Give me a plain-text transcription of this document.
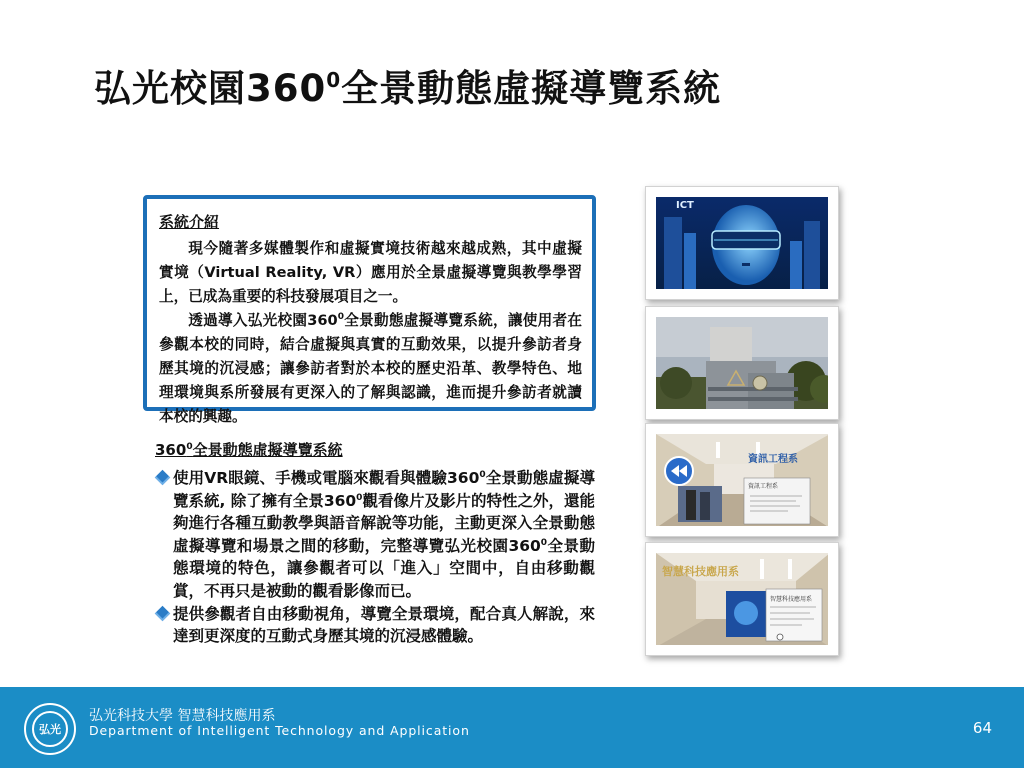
弘光校園$360^0$全景動態虛擬導覽系統
系統介紹

現今隨著多媒體製作和虛擬實境技術越來越成熟，其中虛擬實境（Virtual Reality, VR）應用於全景虛擬導覽與教學學習上，已成為重要的科技發展項目之一。

透過導入弘光校園$360^0$全景動態虛擬導覽系統，讓使用者在參觀本校的同時，結合虛擬與真實的互動效果，以提升參訪者身歷其境的沉浸感；讓參訪者對於本校的歷史沿革、教學特色、地理環境與系所發展有更深入的了解與認識，進而提升參訪者就讀本校的興趣。

$360^0$全景動態虛擬導覽系統
使用VR眼鏡、手機或電腦來觀看與體驗$360^0$全景動態虛擬導覽系統, 除了擁有全景$360^0$觀看像片及影片的特性之外，還能夠進行各種互動教學與語音解說等功能，主動更深入全景動態虛擬導覽和場景之間的移動，完整導覽弘光校園$360^0$全景動態環境的特色，讓參觀者可以「進入」空間中，自由移動觀賞，不再只是被動的觀看影像而已。
提供參觀者自由移動視角，導覽全景環境，配合真人解說，來達到更深度的互動式身歷其境的沉浸感體驗。
ICT
資訊工程系
資訊工程系
智慧科技應用系
智慧科技應用系
弘光
弘光科技大學 智慧科技應用系
Department of Intelligent Technology and Application	64
